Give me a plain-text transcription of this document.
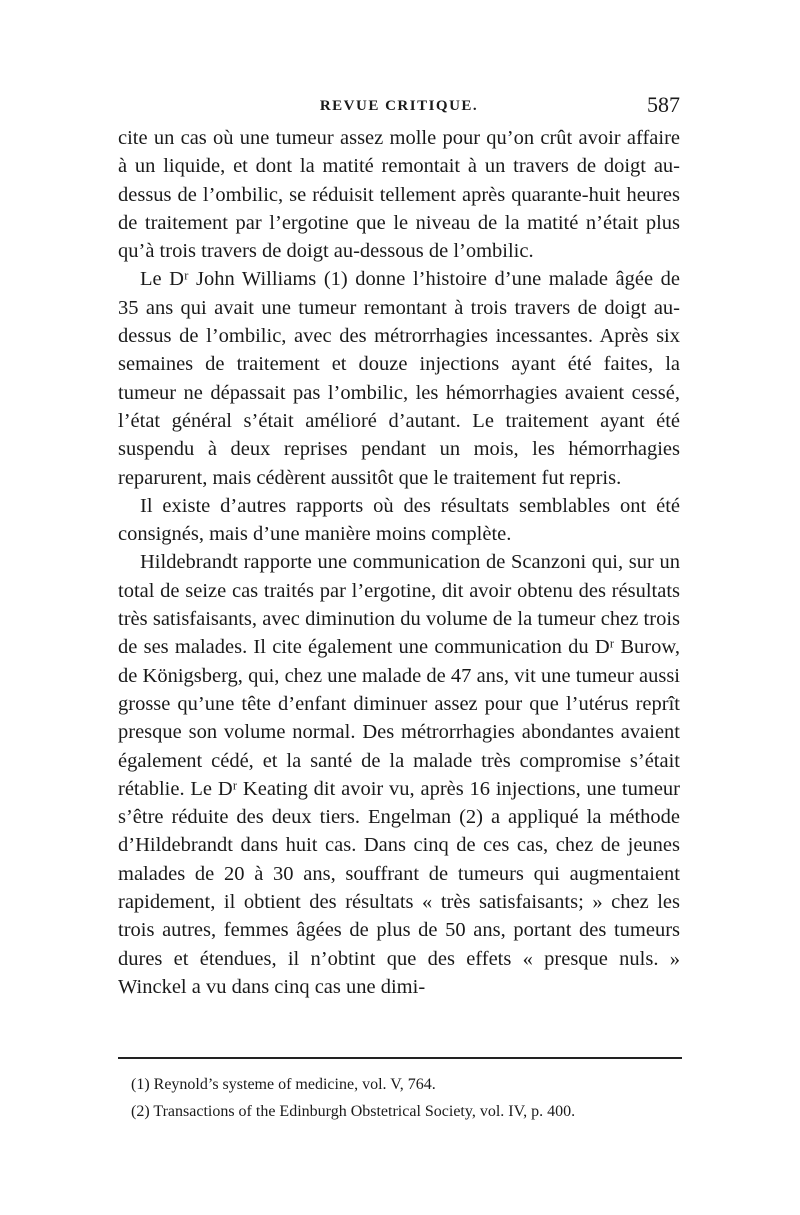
REVUE CRITIQUE.	587

cite un cas où une tumeur assez molle pour qu’on crût avoir affaire à un liquide, et dont la matité remontait à un travers de doigt au-dessus de l’ombilic, se réduisit tellement après quarante-huit heures de traitement par l’ergotine que le niveau de la matité n’était plus qu’à trois travers de doigt au-dessous de l’ombilic.

Le Dʳ John Williams (1) donne l’histoire d’une malade âgée de 35 ans qui avait une tumeur remontant à trois travers de doigt au-dessus de l’ombilic, avec des métrorrhagies incessantes. Après six semaines de traitement et douze injections ayant été faites, la tumeur ne dépassait pas l’ombilic, les hémorrhagies avaient cessé, l’état général s’était amélioré d’autant. Le traitement ayant été suspendu à deux reprises pendant un mois, les hémorrhagies reparurent, mais cédèrent aussitôt que le traitement fut repris.

Il existe d’autres rapports où des résultats semblables ont été consignés, mais d’une manière moins complète.

Hildebrandt rapporte une communication de Scanzoni qui, sur un total de seize cas traités par l’ergotine, dit avoir obtenu des résultats très satisfaisants, avec diminution du volume de la tumeur chez trois de ses malades. Il cite également une communication du Dʳ Burow, de Königsberg, qui, chez une malade de 47 ans, vit une tumeur aussi grosse qu’une tête d’enfant diminuer assez pour que l’utérus reprît presque son volume normal. Des métrorrhagies abondantes avaient également cédé, et la santé de la malade très compromise s’était rétablie. Le Dʳ Keating dit avoir vu, après 16 injections, une tumeur s’être réduite des deux tiers. Engelman (2) a appliqué la méthode d’Hildebrandt dans huit cas. Dans cinq de ces cas, chez de jeunes malades de 20 à 30 ans, souffrant de tumeurs qui augmentaient rapidement, il obtient des résultats « très satisfaisants; » chez les trois autres, femmes âgées de plus de 50 ans, portant des tumeurs dures et étendues, il n’obtint que des effets « presque nuls. » Winckel a vu dans cinq cas une dimi-

(1) Reynold’s systeme of medicine, vol. V, 764.

(2) Transactions of the Edinburgh Obstetrical Society, vol. IV, p. 400.
